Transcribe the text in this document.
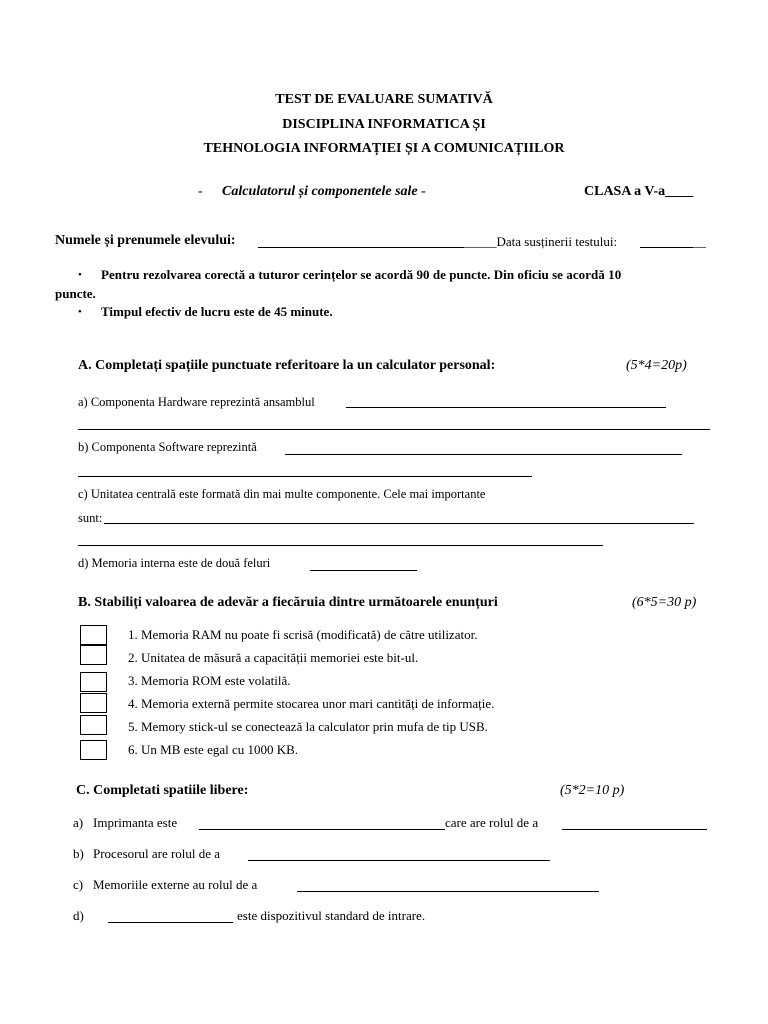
TEST DE EVALUARE SUMATIVĂ
DISCIPLINA INFORMATICA ȘI
TEHNOLOGIA INFORMAȚIEI ȘI A COMUNICAȚIILOR
- Calculatorul și componentele sale -	CLASA a V-a____
Numele și prenumele elevului:	_____Data susținerii testului:	__
• Pentru rezolvarea corectă a tuturor cerințelor se acordă 90 de puncte. Din oficiu se acordă 10
puncte.
• Timpul efectiv de lucru este de 45 minute.
A. Completați spațiile punctuate referitoare la un calculator personal:	(5*4=20p)
a) Componenta Hardware reprezintă ansamblul
b) Componenta Software reprezintă
c) Unitatea centrală este formată din mai multe componente. Cele mai importante
sunt:
d) Memoria interna este de două feluri
B. Stabiliți valoarea de adevăr a fiecăruia dintre următoarele enunțuri	(6*5=30 p)
1. Memoria RAM nu poate fi scrisă (modificată) de către utilizator.
2. Unitatea de măsură a capacității memoriei este bit-ul.
3. Memoria ROM este volatilă.
4. Memoria externă permite stocarea unor mari cantități de informație.
5. Memory stick-ul se conectează la calculator prin mufa de tip USB.
6. Un MB este egal cu 1000 KB.
C. Completati spatiile libere:	(5*2=10 p)
a) Imprimanta este	care are rolul de a
b) Procesorul are rolul de a
c) Memoriile externe au rolul de a
d)	este dispozitivul standard de intrare.
